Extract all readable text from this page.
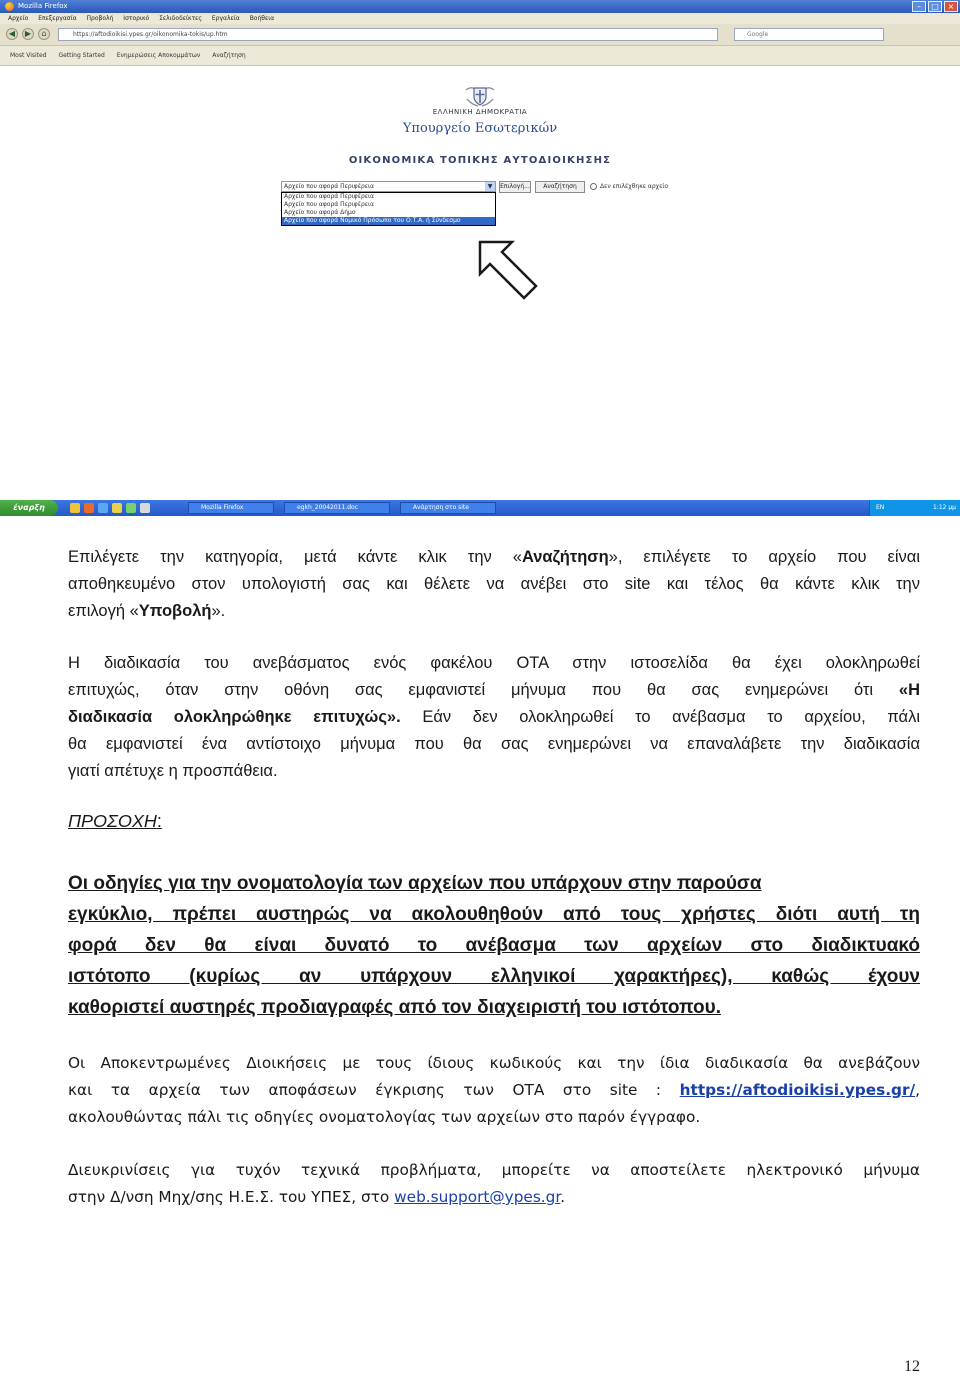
Mozilla Firefox	–	□	×
Αρχείο Επεξεργασία Προβολή Ιστορικό Σελιδοδείκτες Εργαλεία Βοήθεια
◀	▶	⌂	https://aftodioikisi.ypes.gr/oikonomika-tokis/up.htm	Google
Most Visited Getting Started Ενημερώσεις Αποκομμάτων Αναζήτηση
ΕΛΛΗΝΙΚΗ ΔΗΜΟΚΡΑΤΙΑ
Υπουργείο Εσωτερικών
ΟΙΚΟΝΟΜΙΚΑ ΤΟΠΙΚΗΣ ΑΥΤΟΔΙΟΙΚΗΣΗΣ
Αρχείο που αφορά Περιφέρεια	▼
Αρχείο που αφορά Περιφέρεια
Αρχείο που αφορά Περιφέρεια
Αρχείο που αφορά Δήμο
Αρχείο που αφορά Νομικό Πρόσωπο του Ο.Τ.Α. ή Σύνδεσμο
Επιλογή...	Αναζήτηση	Δεν επιλέχθηκε αρχείο
έναρξη	Mozilla Firefox	egkh_20042011.doc	Ανάρτηση στο site	EN	1:12 μμ
Επιλέγετε την κατηγορία, μετά κάντε κλικ την «Αναζήτηση», επιλέγετε το αρχείο που είναι
αποθηκευμένο στον υπολογιστή σας και θέλετε να ανέβει στο site και τέλος θα κάντε κλικ την
επιλογή «Υποβολή».
Η διαδικασία του ανεβάσματος ενός φακέλου ΟΤΑ στην ιστοσελίδα θα έχει ολοκληρωθεί
επιτυχώς, όταν στην οθόνη σας εμφανιστεί μήνυμα που θα σας ενημερώνει ότι «Η
διαδικασία ολοκληρώθηκε επιτυχώς». Εάν δεν ολοκληρωθεί το ανέβασμα το αρχείου, πάλι
θα εμφανιστεί ένα αντίστοιχο μήνυμα που θα σας ενημερώνει να επαναλάβετε την διαδικασία
γιατί απέτυχε η προσπάθεια.
ΠΡΟΣΟΧΗ:
Οι οδηγίες για την ονοματολογία των αρχείων που υπάρχουν στην παρούσα
εγκύκλιο, πρέπει αυστηρώς να ακολουθηθούν από τους χρήστες διότι αυτή τη
φορά δεν θα είναι δυνατό το ανέβασμα των αρχείων στο διαδικτυακό
ιστότοπο (κυρίως αν υπάρχουν ελληνικοί χαρακτήρες), καθώς έχουν
καθοριστεί αυστηρές προδιαγραφές από τον διαχειριστή του ιστότοπου.
Οι Αποκεντρωμένες Διοικήσεις με τους ίδιους κωδικούς και την ίδια διαδικασία θα ανεβάζουν
και τα αρχεία των αποφάσεων έγκρισης των ΟΤΑ στο site : https://aftodioikisi.ypes.gr/,
ακολουθώντας πάλι τις οδηγίες ονοματολογίας των αρχείων στο παρόν έγγραφο.
Διευκρινίσεις για τυχόν τεχνικά προβλήματα, μπορείτε να αποστείλετε ηλεκτρονικό μήνυμα
στην Δ/νση Μηχ/σης Η.Ε.Σ. του ΥΠΕΣ, στο web.support@ypes.gr.
12
